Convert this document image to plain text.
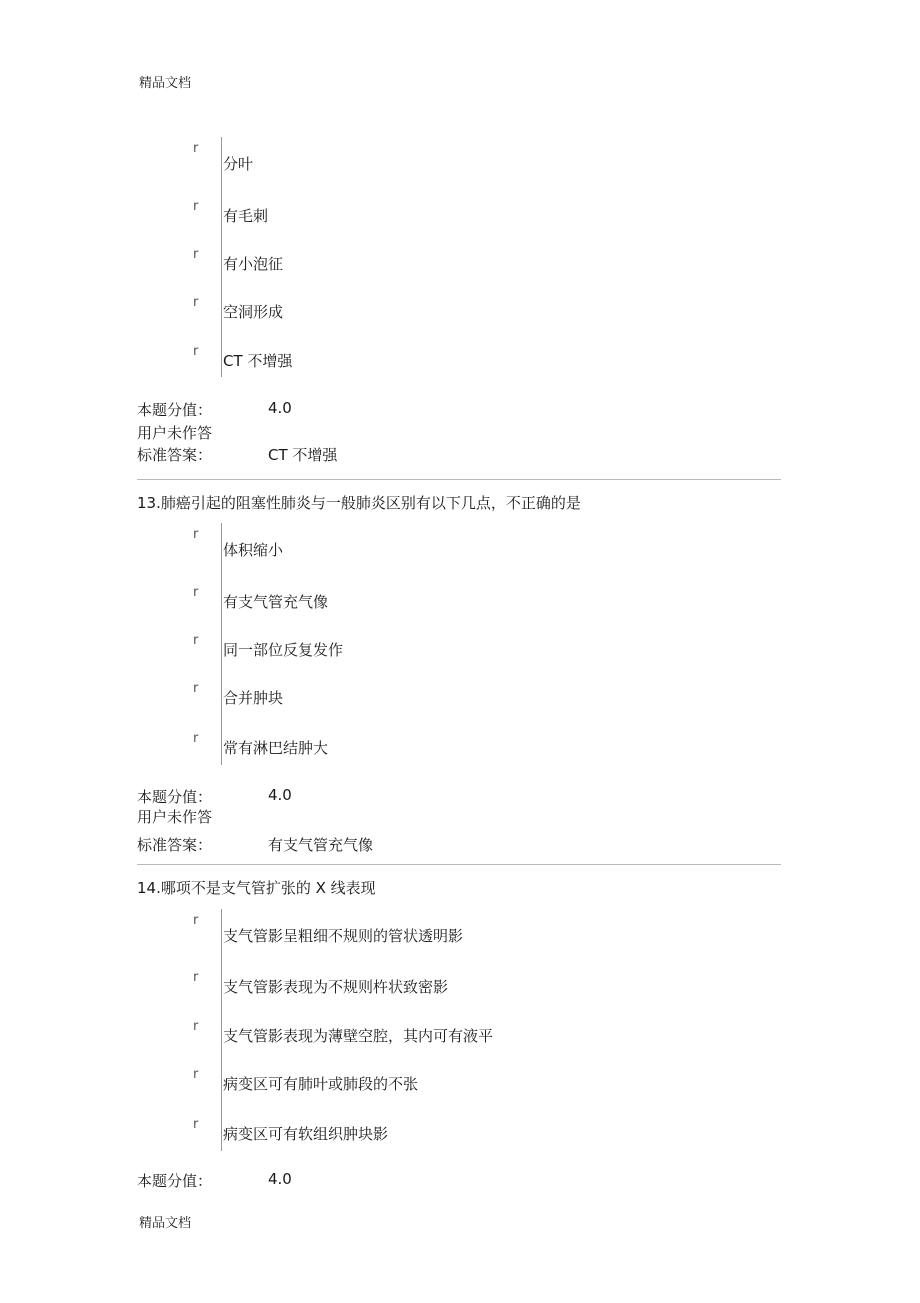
精品文档
r
分叶
r
有毛刺
r
有小泡征
r
空洞形成
r
CT 不增强
本题分值：	4.0
用户未作答
标准答案：	CT 不增强
13.肺癌引起的阻塞性肺炎与一般肺炎区别有以下几点，不正确的是
r
体积缩小
r
有支气管充气像
r
同一部位反复发作
r
合并肿块
r
常有淋巴结肿大
本题分值：	4.0
用户未作答
标准答案：	有支气管充气像
14.哪项不是支气管扩张的 X 线表现
r
支气管影呈粗细不规则的管状透明影
r
支气管影表现为不规则杵状致密影
r
支气管影表现为薄壁空腔，其内可有液平
r
病变区可有肺叶或肺段的不张
r
病变区可有软组织肿块影
本题分值：	4.0
精品文档
